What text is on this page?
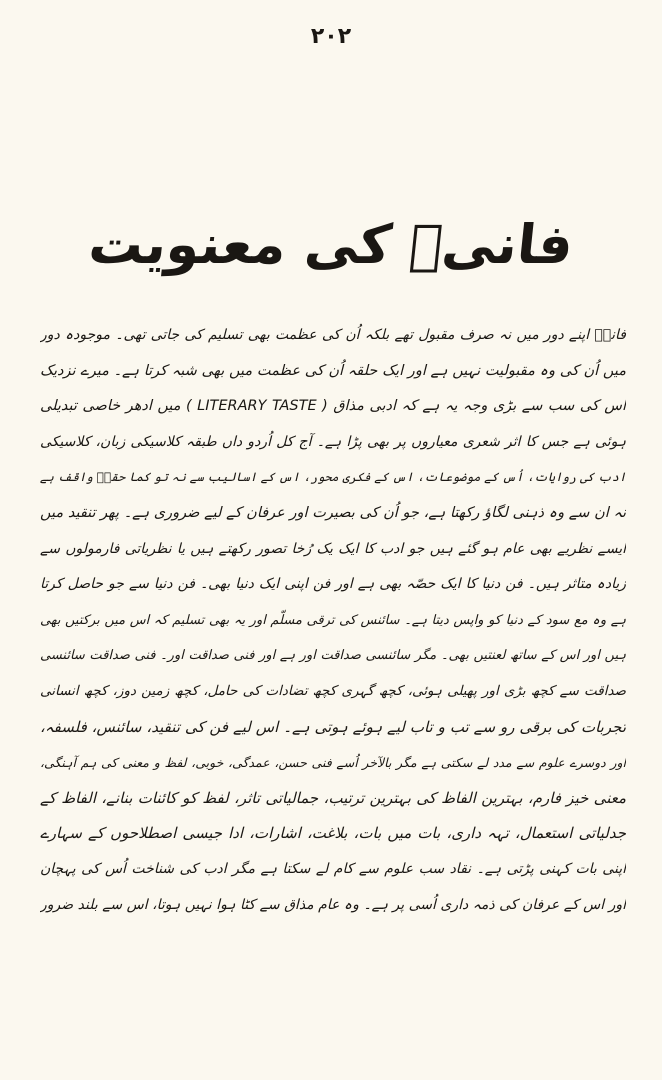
۲۰۲
فانیؔ کی معنویت
فانیؔ اپنے دور میں نہ صرف مقبول تھے بلکہ اُن کی عظمت بھی تسلیم کی جاتی تھی۔ موجودہ دور
میں اُن کی وہ مقبولیت نہیں ہے اور ایک حلقہ اُن کی عظمت میں بھی شبہ کرتا ہے۔ میرے نزدیک
اس کی سب سے بڑی وجہ یہ ہے کہ ادبی مذاق ( LITERARY TASTE ) میں ادھر خاصی تبدیلی
ہوئی ہے جس کا اثر شعری معیاروں پر بھی پڑا ہے۔ آج کل اُردو داں طبقہ کلاسیکی زبان، کلاسیکی
ادب کی روایات، اُس کے موضوعات، اس کے فکری محور، اس کے اسالیب سے نہ تو کما حقہٗ واقف ہے
نہ ان سے وہ ذہنی لگاؤ رکھتا ہے، جو اُن کی بصیرت اور عرفان کے لیے ضروری ہے۔ پھر تنقید میں
ایسے نظریے بھی عام ہو گئے ہیں جو ادب کا ایک یک رُخا تصور رکھتے ہیں یا نظریاتی فارمولوں سے
زیادہ متاثر ہیں۔ فن دنیا کا ایک حصّہ بھی ہے اور فن اپنی ایک دنیا بھی۔ فن دنیا سے جو حاصل کرتا
ہے وہ مع سود کے دنیا کو واپس دیتا ہے۔ سائنس کی ترقی مسلّم اور یہ بھی تسلیم کہ اس میں برکتیں بھی
ہیں اور اس کے ساتھ لعنتیں بھی۔ مگر سائنسی صداقت اور ہے اور فنی صداقت اور۔ فنی صداقت سائنسی
صداقت سے کچھ بڑی اور پھیلی ہوئی، کچھ گہری کچھ تضادات کی حامل، کچھ زمین دوز، کچھ انسانی
تجربات کی برقی رو سے تب و تاب لیے ہوئے ہوتی ہے۔ اس لیے فن کی تنقید، سائنس، فلسفہ،
اور دوسرے علوم سے مدد لے سکتی ہے مگر بالآخر اُسے فنی حسن، عمدگی، خوبی، لفظ و معنی کی ہم آہنگی،
معنی خیز فارم، بہترین الفاظ کی بہترین ترتیب، جمالیاتی تاثر، لفظ کو کائنات بنانے، الفاظ کے
جدلیاتی استعمال، تہہ داری، بات میں بات، بلاغت، اشارات، ادا جیسی اصطلاحوں کے سہارے
اپنی بات کہنی پڑتی ہے۔ نقاد سب علوم سے کام لے سکتا ہے مگر ادب کی شناخت اُس کی پہچان
اور اس کے عرفان کی ذمہ داری اُسی پر ہے۔ وہ عام مذاق سے کٹا ہوا نہیں ہوتا، اس سے بلند ضرور
